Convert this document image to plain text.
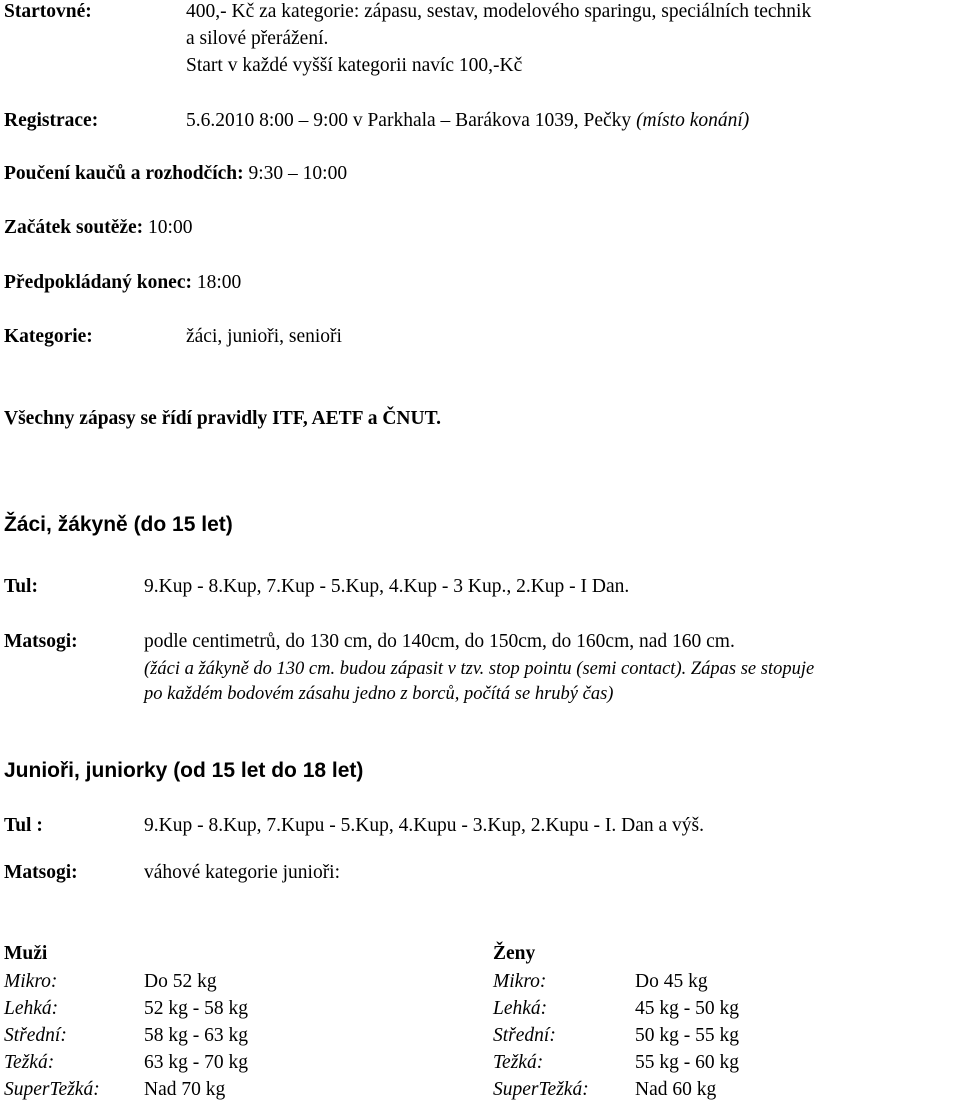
Startovné:	400,- Kč za kategorie: zápasu, sestav, modelového sparingu, speciálních technik
a silové přerážení.
Start v každé vyšší kategorii navíc 100,-Kč
Registrace:	5.6.2010 8:00 – 9:00 v Parkhala – Barákova 1039, Pečky (místo konání)
Poučení kaučů a rozhodčích: 9:30 – 10:00
Začátek soutěže: 10:00
Předpokládaný konec: 18:00
Kategorie:	žáci, junioři, senioři
Všechny zápasy se řídí pravidly ITF, AETF a ČNUT.
Žáci, žákyně (do 15 let)
Tul:	9.Kup - 8.Kup, 7.Kup - 5.Kup, 4.Kup - 3 Kup., 2.Kup - I Dan.
Matsogi:	podle centimetrů, do 130 cm, do 140cm, do 150cm, do 160cm, nad 160 cm.
(žáci a žákyně do 130 cm. budou zápasit v tzv. stop pointu (semi contact). Zápas se stopuje
po každém bodovém zásahu jedno z borců, počítá se hrubý čas)
Junioři, juniorky (od 15 let do 18 let)
Tul :	9.Kup - 8.Kup, 7.Kupu - 5.Kup, 4.Kupu - 3.Kup, 2.Kupu - I. Dan a výš.
Matsogi:	váhové kategorie junioři:
Muži
Mikro:	Do 52 kg
Lehká:	52 kg - 58 kg
Střední:	58 kg - 63 kg
Težká:	63 kg - 70 kg
SuperTežká: Nad 70 kg
Ženy
Mikro:	Do 45 kg
Lehká:	45 kg - 50 kg
Střední:	50 kg - 55 kg
Težká:	55 kg - 60 kg
SuperTežká: Nad 60 kg
